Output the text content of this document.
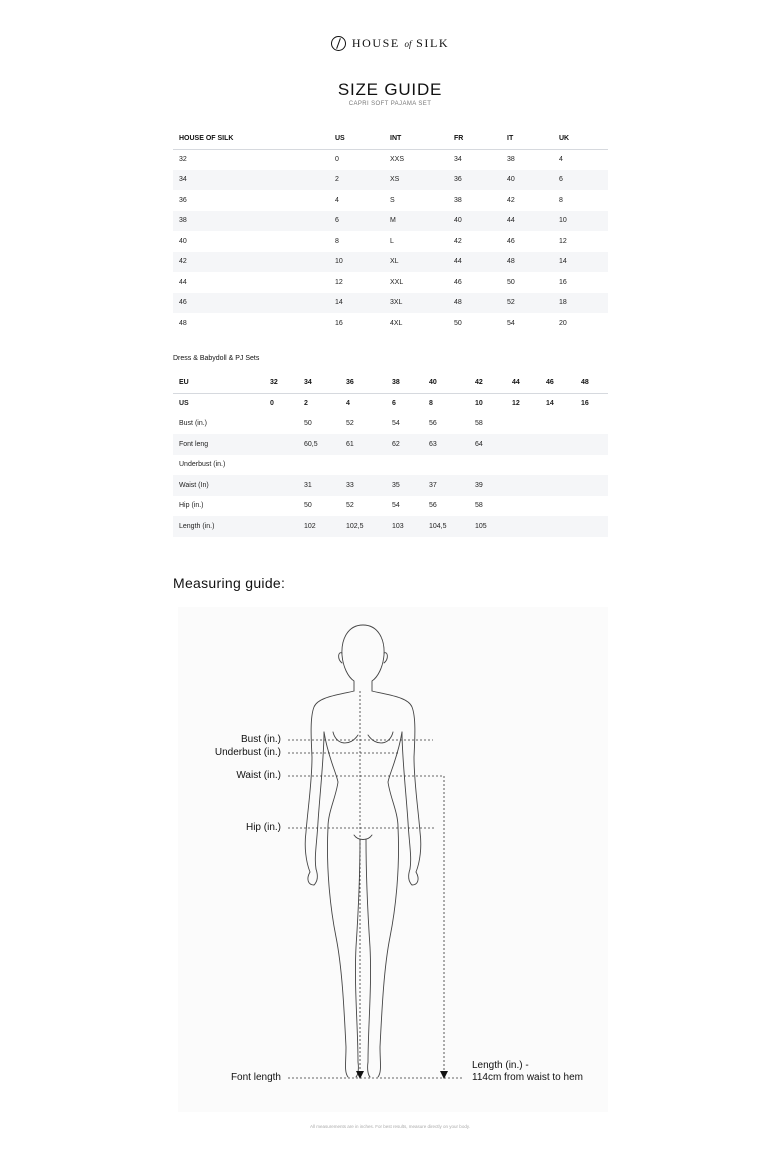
HOUSE of SILK
SIZE GUIDE
CAPRI SOFT PAJAMA SET
HOUSE OF SILK	US	INT	FR	IT	UK
32	0	XXS	34	38	4
34	2	XS	36	40	6
36	4	S	38	42	8
38	6	M	40	44	10
40	8	L	42	46	12
42	10	XL	44	48	14
44	12	XXL	46	50	16
46	14	3XL	48	52	18
48	16	4XL	50	54	20
Dress & Babydoll & PJ Sets
EU	32	34	36	38	40	42	44	46	48
US	0	2	4	6	8	10	12	14	16
Bust (in.)		50	52	54	56	58			
Font leng		60,5	61	62	63	64			
Underbust (in.)									
Waist (In)		31	33	35	37	39			
Hip (in.)		50	52	54	56	58			
Length (in.)		102	102,5	103	104,5	105			
Measuring guide:
Bust (in.)
Underbust (in.)
Waist (in.)
Hip (in.)
Font length
Length (in.) -
114cm from waist to hem
All measurements are in inches. For best results, measure directly on your body.
